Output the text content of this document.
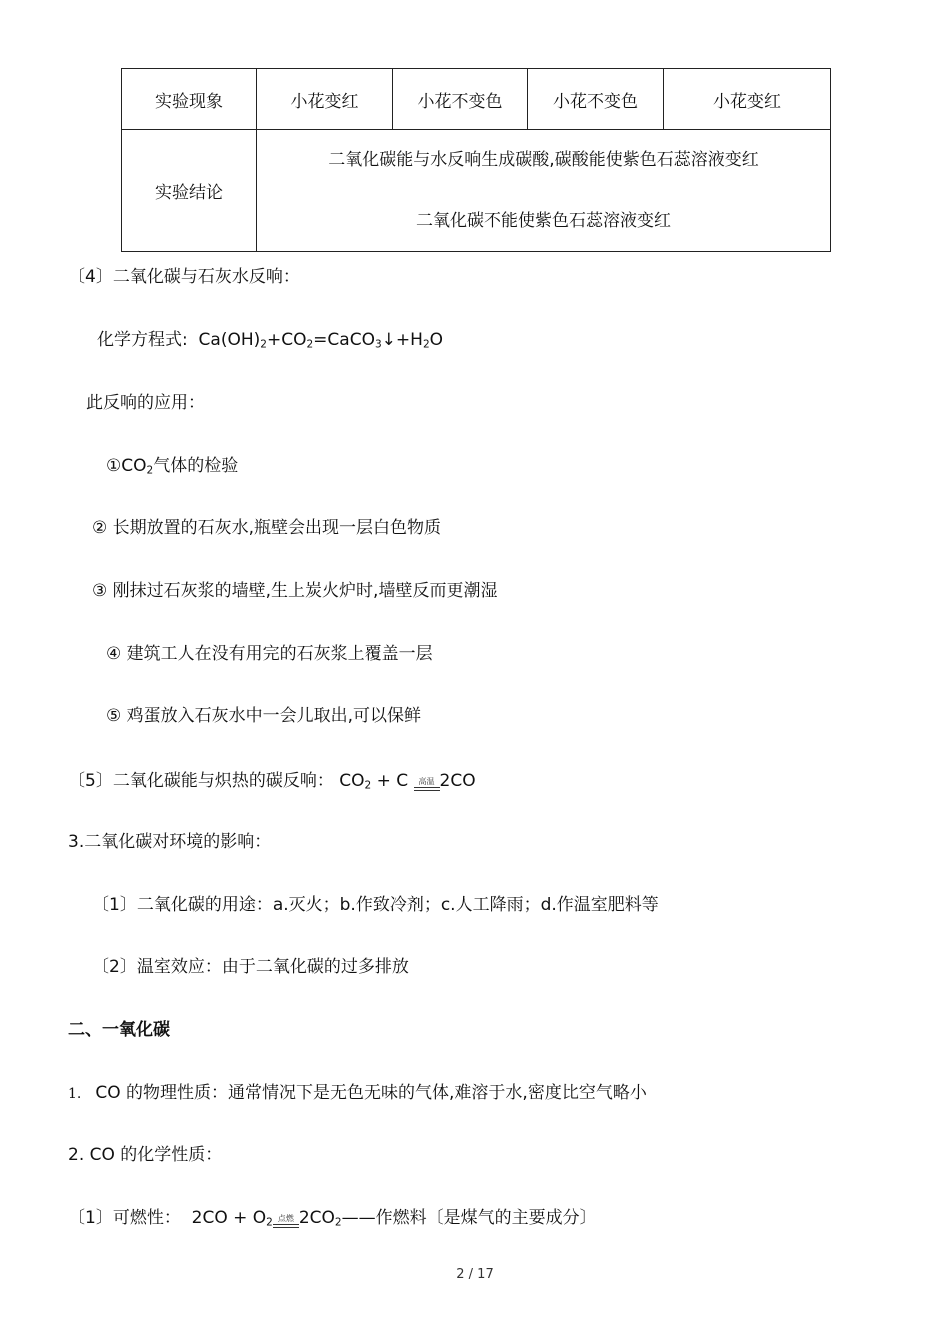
实验现象	小花变红	小花不变色	小花不变色	小花变红
实验结论	二氧化碳能与水反响生成碳酸,碳酸能使紫色石蕊溶液变红
二氧化碳不能使紫色石蕊溶液变红			
〔4〕二氧化碳与石灰水反响：
化学方程式: $Ca(OH)_2+CO_2=CaCO_3↓+H_2O$
此反响的应用：
$①CO_2$气体的检验
② 长期放置的石灰水,瓶壁会出现一层白色物质
③ 刚抹过石灰浆的墙壁,生上炭火炉时,墙壁反而更潮湿
④ 建筑工人在没有用完的石灰浆上覆盖一层
⑤ 鸡蛋放入石灰水中一会儿取出,可以保鲜
〔5〕二氧化碳能与炽热的碳反响： $CO_2 + C$ 高温 2CO
3.二氧化碳对环境的影响：
〔1〕二氧化碳的用途：a.灭火；b.作致冷剂；c.人工降雨；d.作温室肥料等
〔2〕温室效应：由于二氧化碳的过多排放
二、一氧化碳
1. CO 的物理性质：通常情况下是无色无味的气体,难溶于水,密度比空气略小
2. CO 的化学性质：
〔1〕可燃性： $2CO + O_2$ 点燃 $2CO_2——$作燃料〔是煤气的主要成分〕
2 / 17
